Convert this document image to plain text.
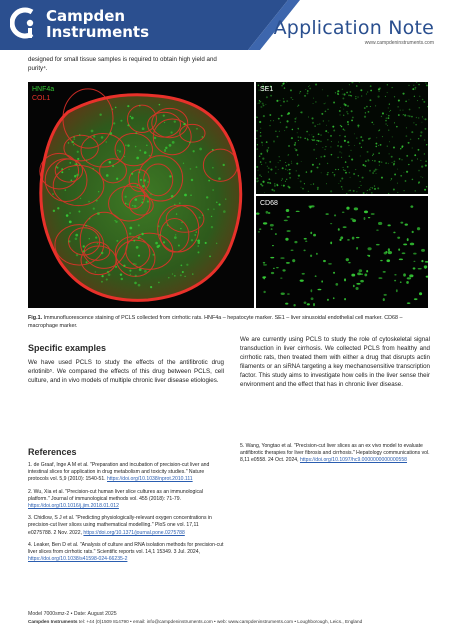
Campden
Instruments	Application Note
www.campdeninstruments.com
designed for small tissue samples is required to obtain high yield and purity⁴.
HNF4a
COL1
SE1
CD68
Fig.1. Immunofluorescence staining of PCLS collected from cirrhotic rats. HNF4a – hepatocyte marker. SE1 – liver sinusoidal endothelial cell marker. CD68 – macrophage marker.
Specific examples
We have used PCLS to study the effects of the antifibrotic drug erlotinib⁵. We compared the effects of this drug between PCLS, cell culture, and in vivo models of multiple chronic liver disease etiologies.
We are currently using PCLS to study the role of cytoskeletal signal transduction in liver cirrhosis. We collected PCLS from healthy and cirrhotic rats, then treated them with either a drug that disrupts actin filaments or an siRNA targeting a key mechanosensitive transcription factor. This study aims to investigate how cells in the liver sense their environment and the effect that has in chronic liver disease.
References
1. de Graaf, Inge A M et al. "Preparation and incubation of precision-cut liver and intestinal slices for application in drug metabolism and toxicity studies." Nature protocols vol. 5,9 (2010): 1540-51. https://doi.org/10.1038/nprot.2010.111
2. Wu, Xia et al. "Precision-cut human liver slice cultures as an immunological platform." Journal of immunological methods vol. 455 (2018): 71-79. https://doi.org/10.1016/j.jim.2018.01.012
3. Chidlow, S J et al. "Predicting physiologically-relevant oxygen concentrations in precision-cut liver slices using mathematical modelling." PloS one vol. 17,11 e0275788. 2 Nov. 2022, https://doi.org/10.1371/journal.pone.0275788
4. Leaker, Ben D et al. "Analysis of culture and RNA isolation methods for precision-cut liver slices from cirrhotic rats." Scientific reports vol. 14,1 15349. 3 Jul. 2024, https://doi.org/10.1038/s41598-024-66235-2
5. Wang, Yongtao et al. "Precision-cut liver slices as an ex vivo model to evaluate antifibrotic therapies for liver fibrosis and cirrhosis." Hepatology communications vol. 8,11 e0558. 24 Oct. 2024, https://doi.org/10.1097/hc9.0000000000000558
Model 7000smz-2 • Date: August 2025
Campden Instruments tel: +44 (0)1509 814790 • email: info@campdeninstruments.com • web: www.campdeninstruments.com • Loughborough, Leics., England
